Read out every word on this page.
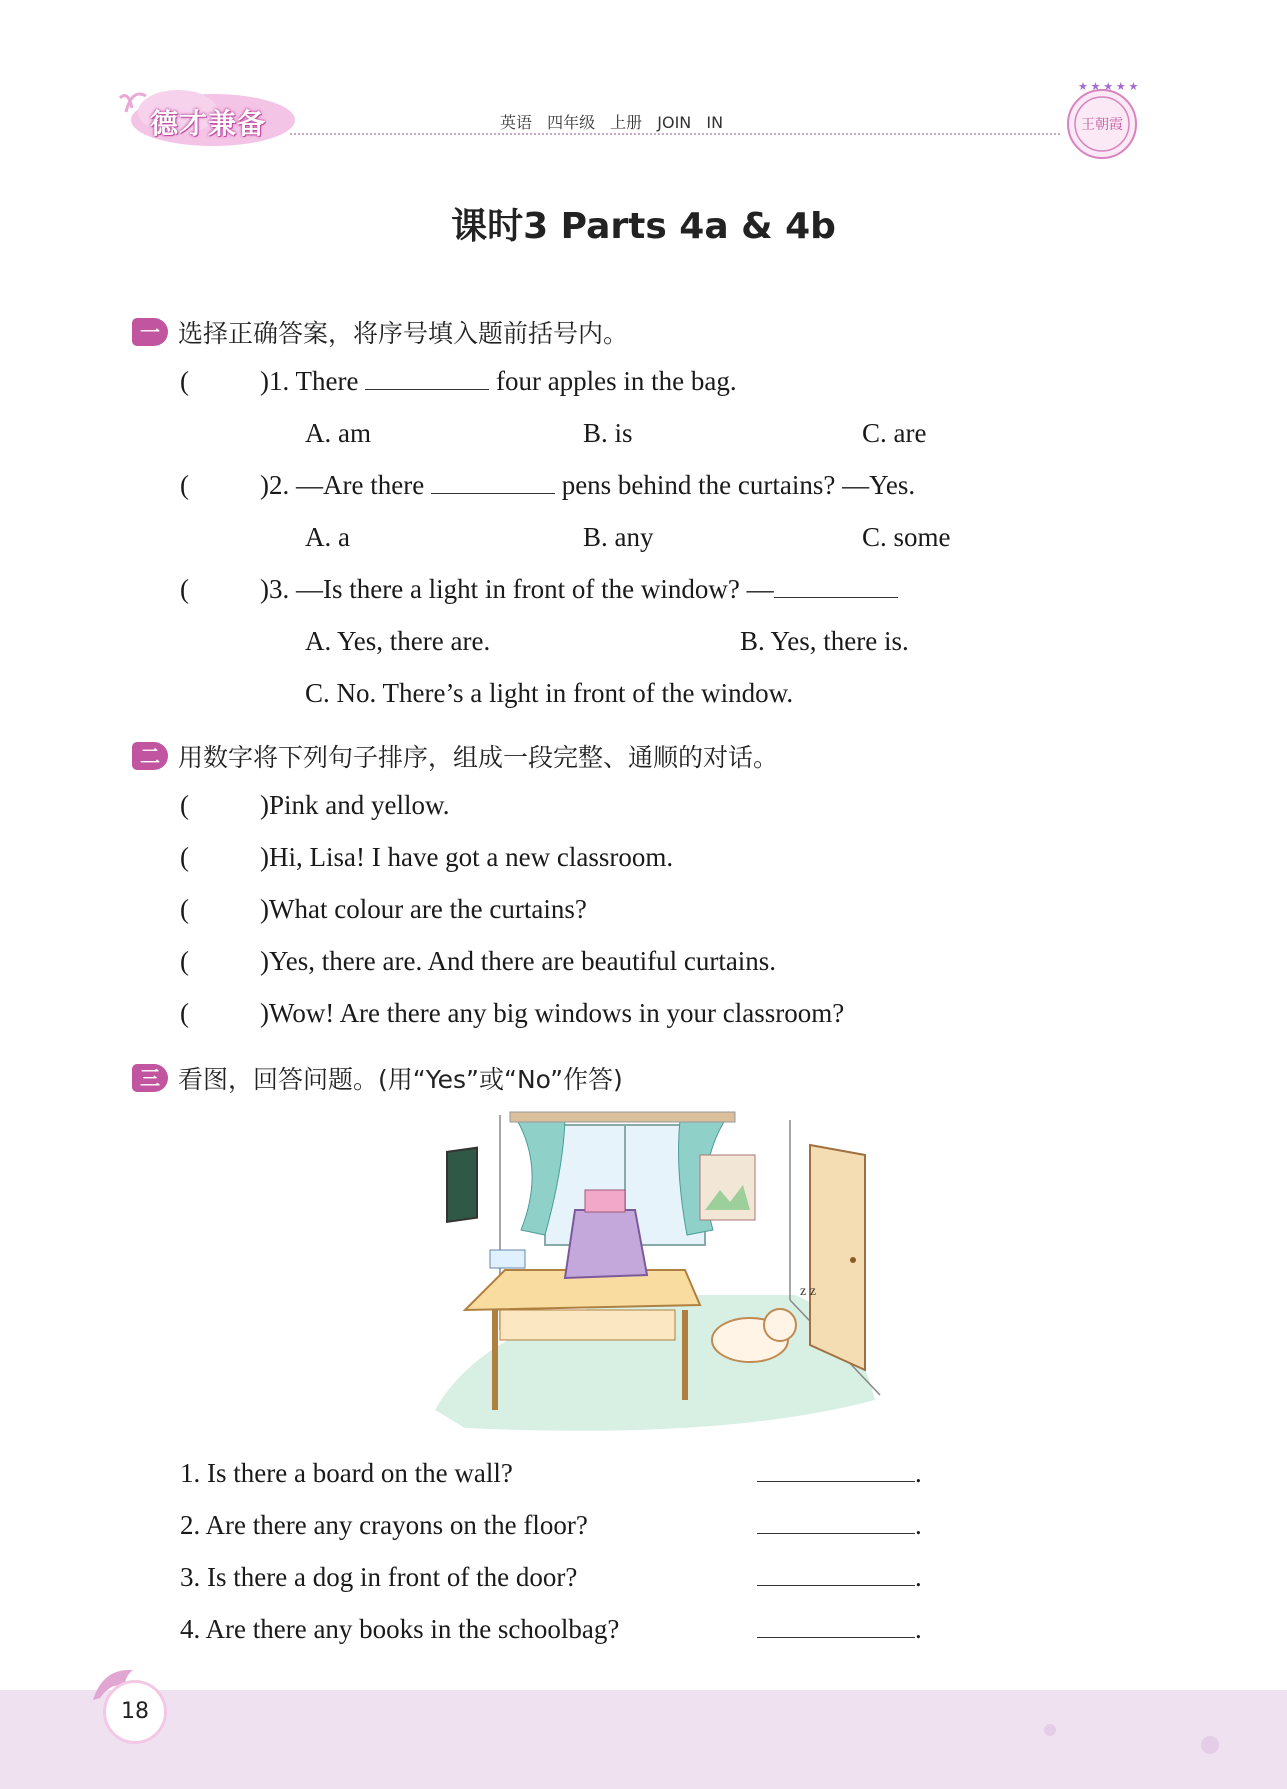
德才兼备	英语 四年级 上册 JOIN IN
★ ★ ★ ★ ★
王朝霞
课时3 Parts 4a & 4b
一 选择正确答案，将序号填入题前括号内。
(	)1. There	four apples in the bag.
A. am	B. is	C. are
(	)2. —Are there	pens behind the curtains? —Yes.
A. a	B. any	C. some
(	)3. —Is there a light in front of the window? —
A. Yes, there are.	B. Yes, there is.
C. No. There’s a light in front of the window.
二 用数字将下列句子排序，组成一段完整、通顺的对话。
(	)Pink and yellow.
(	)Hi, Lisa! I have got a new classroom.
(	)What colour are the curtains?
(	)Yes, there are. And there are beautiful curtains.
(	)Wow! Are there any big windows in your classroom?
三 看图，回答问题。(用“Yes”或“No”作答)
z z
1. Is there a board on the wall?	.
2. Are there any crayons on the floor?	.
3. Is there a dog in front of the door?	.
4. Are there any books in the schoolbag?	.
18
